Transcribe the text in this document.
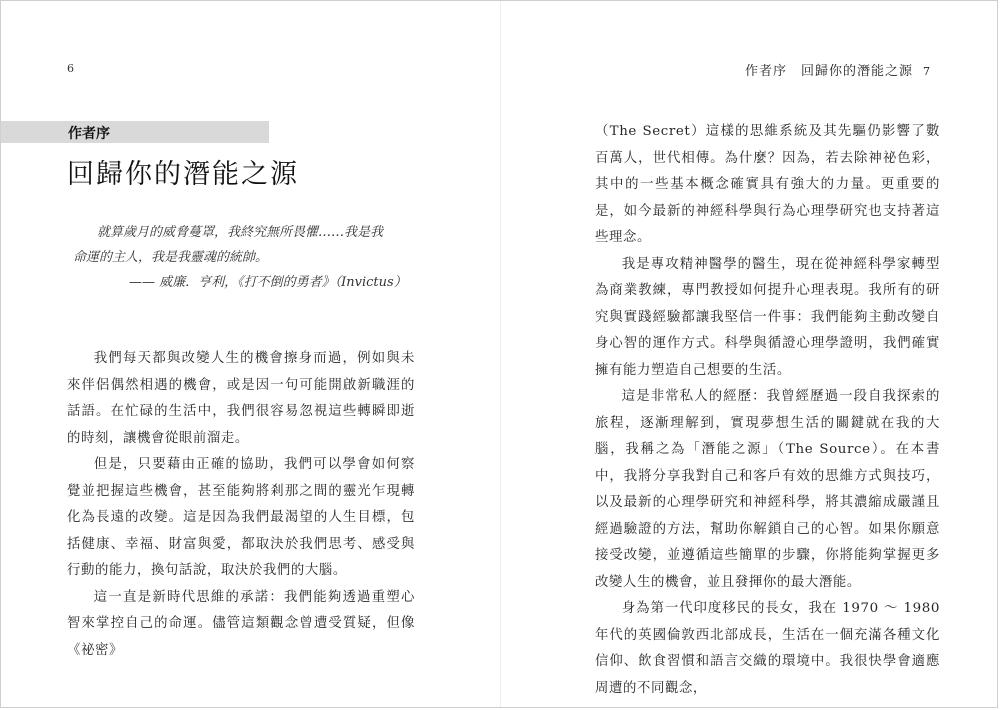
6
作者序
回歸你的潛能之源

就算歲月的威脅蔓罩，我終究無所畏懼……我是我

命運的主人，我是我靈魂的統帥。

—— 威廉．亨利，《打不倒的勇者》（Invictus）

我們每天都與改變人生的機會擦身而過，例如與未來伴侶偶然相遇的機會，或是因一句可能開啟新職涯的話語。在忙碌的生活中，我們很容易忽視這些轉瞬即逝的時刻，讓機會從眼前溜走。

但是，只要藉由正確的協助，我們可以學會如何察覺並把握這些機會，甚至能夠將剎那之間的靈光乍現轉化為長遠的改變。這是因為我們最渴望的人生目標，包括健康、幸福、財富與愛，都取決於我們思考、感受與行動的能力，換句話說，取決於我們的大腦。

這一直是新時代思維的承諾：我們能夠透過重塑心智來掌控自己的命運。儘管這類觀念曾遭受質疑，但像《祕密》

作者序　回歸你的潛能之源 7

（The Secret）這樣的思維系統及其先驅仍影響了數百萬人，世代相傳。為什麼？因為，若去除神祕色彩，其中的一些基本概念確實具有強大的力量。更重要的是，如今最新的神經科學與行為心理學研究也支持著這些理念。

我是專攻精神醫學的醫生，現在從神經科學家轉型為商業教練，專門教授如何提升心理表現。我所有的研究與實踐經驗都讓我堅信一件事：我們能夠主動改變自身心智的運作方式。科學與循證心理學證明，我們確實擁有能力塑造自己想要的生活。

這是非常私人的經歷：我曾經歷過一段自我探索的旅程，逐漸理解到，實現夢想生活的關鍵就在我的大腦，我稱之為「潛能之源」（The Source）。在本書中，我將分享我對自己和客戶有效的思維方式與技巧，以及最新的心理學研究和神經科學，將其濃縮成嚴謹且經過驗證的方法，幫助你解鎖自己的心智。如果你願意接受改變，並遵循這些簡單的步驟，你將能夠掌握更多改變人生的機會，並且發揮你的最大潛能。

身為第一代印度移民的長女，我在 1970 ～ 1980 年代的英國倫敦西北部成長，生活在一個充滿各種文化信仰、飲食習慣和語言交織的環境中。我很快學會適應周遭的不同觀念，
